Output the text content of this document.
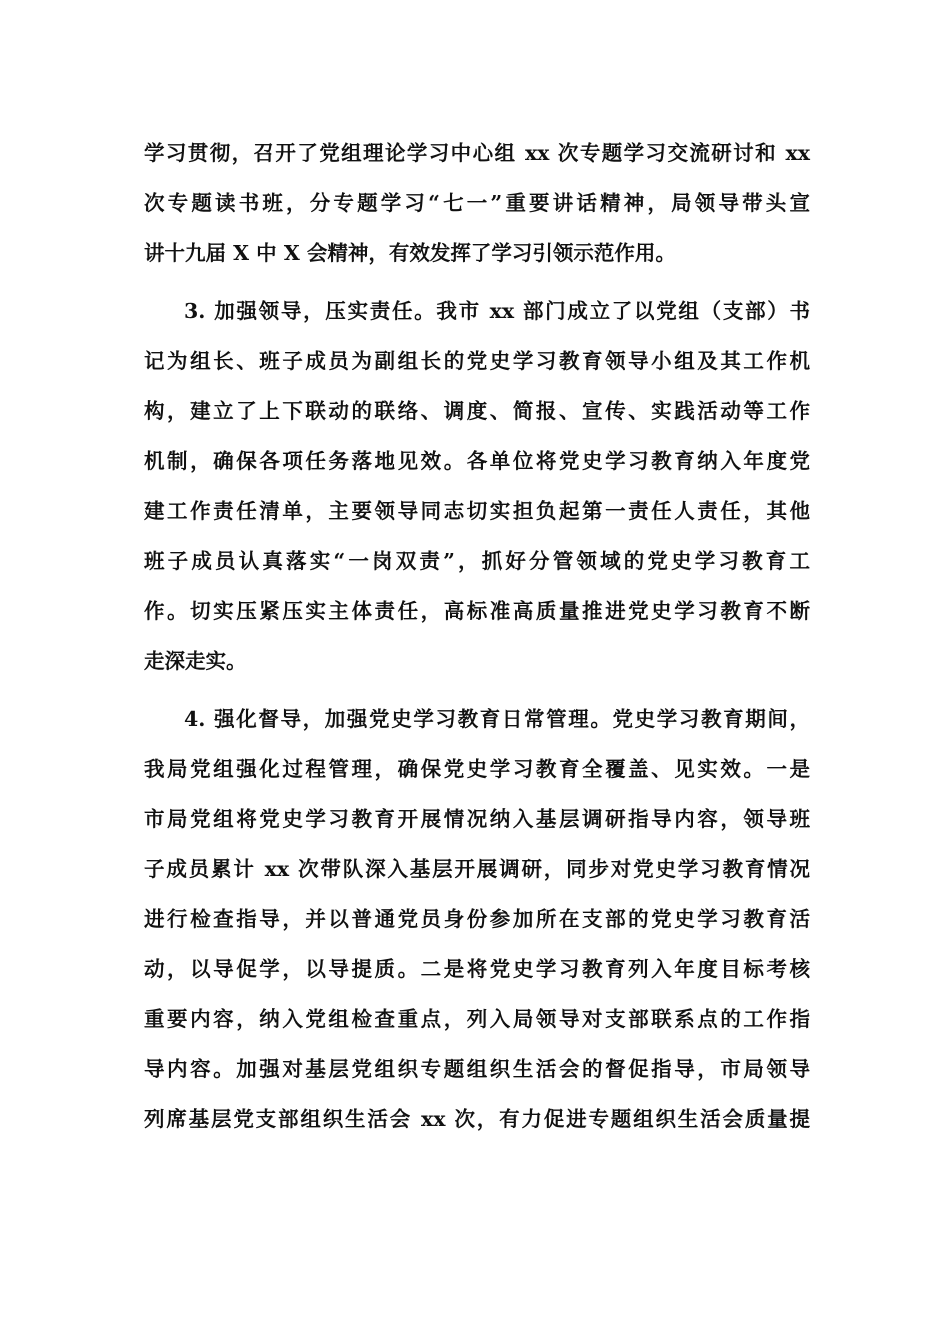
学习贯彻，召开了党组理论学习中心组 xx 次专题学习交流研讨和 xx
次专题读书班，分专题学习“七一”重要讲话精神，局领导带头宣
讲十九届 X 中 X 会精神，有效发挥了学习引领示范作用。
3. 加强领导，压实责任。我市 xx 部门成立了以党组（支部）书
记为组长、班子成员为副组长的党史学习教育领导小组及其工作机
构，建立了上下联动的联络、调度、简报、宣传、实践活动等工作
机制，确保各项任务落地见效。各单位将党史学习教育纳入年度党
建工作责任清单，主要领导同志切实担负起第一责任人责任，其他
班子成员认真落实“一岗双责”，抓好分管领域的党史学习教育工
作。切实压紧压实主体责任，高标准高质量推进党史学习教育不断
走深走实。
4. 强化督导，加强党史学习教育日常管理。党史学习教育期间，
我局党组强化过程管理，确保党史学习教育全覆盖、见实效。一是
市局党组将党史学习教育开展情况纳入基层调研指导内容，领导班
子成员累计 xx 次带队深入基层开展调研，同步对党史学习教育情况
进行检查指导，并以普通党员身份参加所在支部的党史学习教育活
动，以导促学，以导提质。二是将党史学习教育列入年度目标考核
重要内容，纳入党组检查重点，列入局领导对支部联系点的工作指
导内容。加强对基层党组织专题组织生活会的督促指导，市局领导
列席基层党支部组织生活会 xx 次，有力促进专题组织生活会质量提
